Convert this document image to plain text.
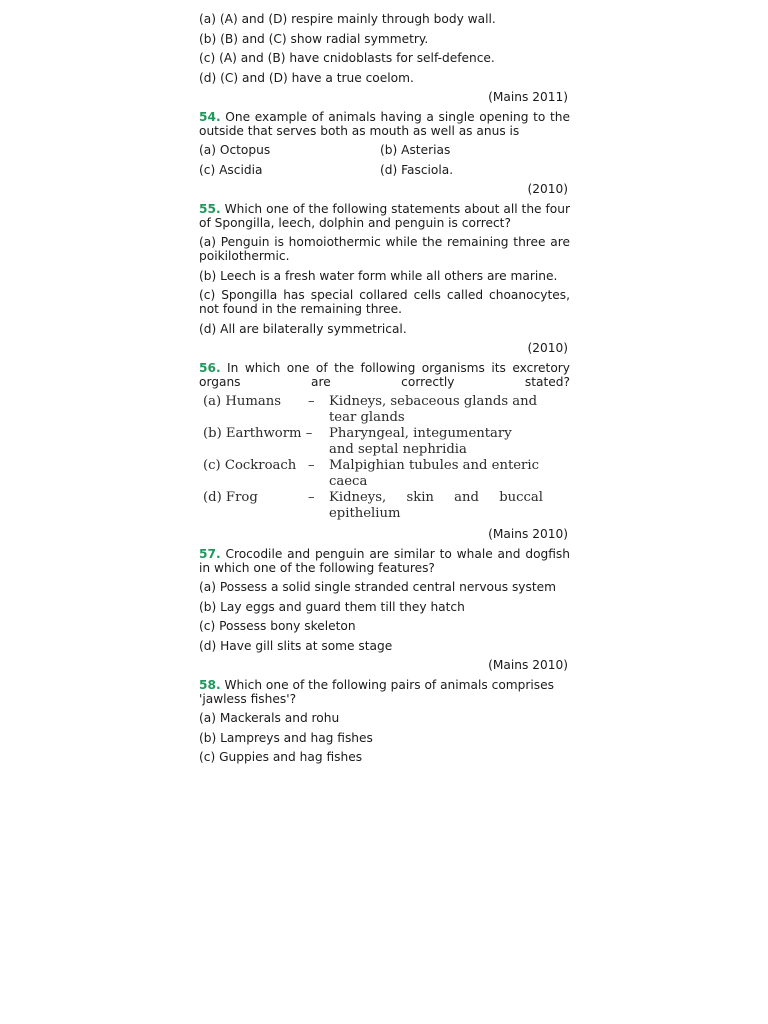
(a) (A) and (D) respire mainly through body wall.

(b) (B) and (C) show radial symmetry.

(c) (A) and (B) have cnidoblasts for self-defence.

(d) (C) and (D) have a true coelom.

(Mains 2011)

54. One example of animals having a single opening to the outside that serves both as mouth as well as anus is

(a) Octopus	(b) Asterias
(c) Ascidia	(d) Fasciola.

(2010)

55. Which one of the following statements about all the four of Spongilla, leech, dolphin and penguin is correct?

(a) Penguin is homoiothermic while the remaining three are poikilothermic.

(b) Leech is a fresh water form while all others are marine.

(c) Spongilla has special collared cells called choanocytes, not found in the remaining three.

(d) All are bilaterally symmetrical.

(2010)

56. In which one of the following organisms its excretory organs are correctly stated?

(a) Humans	–	Kidneys, sebaceous glands and
tear glands
(b) Earthworm –	Pharyngeal, integumentary
and septal nephridia
(c) Cockroach –	Malpighian tubules and enteric
caeca
(d) Frog	–	Kidneys, skin and buccal
epithelium

(Mains 2010)

57. Crocodile and penguin are similar to whale and dogfish in which one of the following features?

(a) Possess a solid single stranded central nervous system

(b) Lay eggs and guard them till they hatch

(c) Possess bony skeleton

(d) Have gill slits at some stage

(Mains 2010)

58. Which one of the following pairs of animals comprises 'jawless fishes'?

(a) Mackerals and rohu

(b) Lampreys and hag fishes

(c) Guppies and hag fishes
